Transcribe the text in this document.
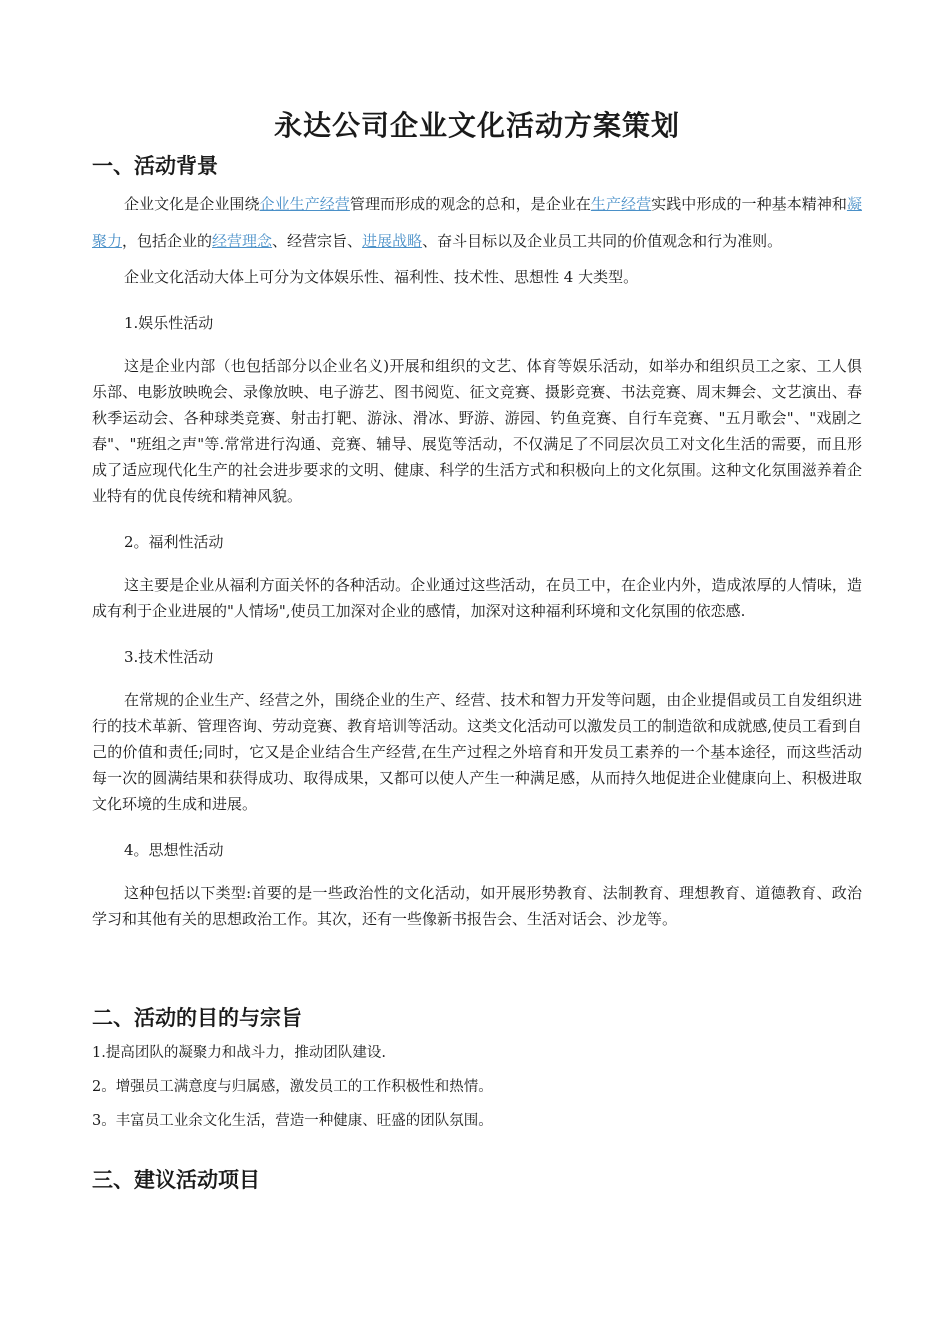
永达公司企业文化活动方案策划
一、活动背景

企业文化是企业围绕企业生产经营管理而形成的观念的总和，是企业在生产经营实践中形成的一种基本精神和凝聚力，包括企业的经营理念、经营宗旨、进展战略、奋斗目标以及企业员工共同的价值观念和行为准则。

企业文化活动大体上可分为文体娱乐性、福利性、技术性、思想性 4 大类型。

1.娱乐性活动

这是企业内部（也包括部分以企业名义)开展和组织的文艺、体育等娱乐活动，如举办和组织员工之家、工人俱乐部、电影放映晚会、录像放映、电子游艺、图书阅览、征文竞赛、摄影竞赛、书法竞赛、周末舞会、文艺演出、春秋季运动会、各种球类竞赛、射击打靶、游泳、滑冰、野游、游园、钓鱼竞赛、自行车竞赛、"五月歌会"、"戏剧之春"、"班组之声"等.常常进行沟通、竞赛、辅导、展览等活动，不仅满足了不同层次员工对文化生活的需要，而且形成了适应现代化生产的社会进步要求的文明、健康、科学的生活方式和积极向上的文化氛围。这种文化氛围滋养着企业特有的优良传统和精神风貌。

2。福利性活动

这主要是企业从福利方面关怀的各种活动。企业通过这些活动，在员工中，在企业内外，造成浓厚的人情味，造成有利于企业进展的"人情场",使员工加深对企业的感情，加深对这种福利环境和文化氛围的依恋感.

3.技术性活动

在常规的企业生产、经营之外，围绕企业的生产、经营、技术和智力开发等问题，由企业提倡或员工自发组织进行的技术革新、管理咨询、劳动竞赛、教育培训等活动。这类文化活动可以激发员工的制造欲和成就感,使员工看到自己的价值和责任;同时，它又是企业结合生产经营,在生产过程之外培育和开发员工素养的一个基本途径，而这些活动每一次的圆满结果和获得成功、取得成果，又都可以使人产生一种满足感，从而持久地促进企业健康向上、积极进取文化环境的生成和进展。

4。思想性活动

这种包括以下类型:首要的是一些政治性的文化活动，如开展形势教育、法制教育、理想教育、道德教育、政治学习和其他有关的思想政治工作。其次，还有一些像新书报告会、生活对话会、沙龙等。

二、活动的目的与宗旨

1.提高团队的凝聚力和战斗力，推动团队建设.

2。增强员工满意度与归属感，激发员工的工作积极性和热情。

3。丰富员工业余文化生活，营造一种健康、旺盛的团队氛围。

三、建议活动项目
